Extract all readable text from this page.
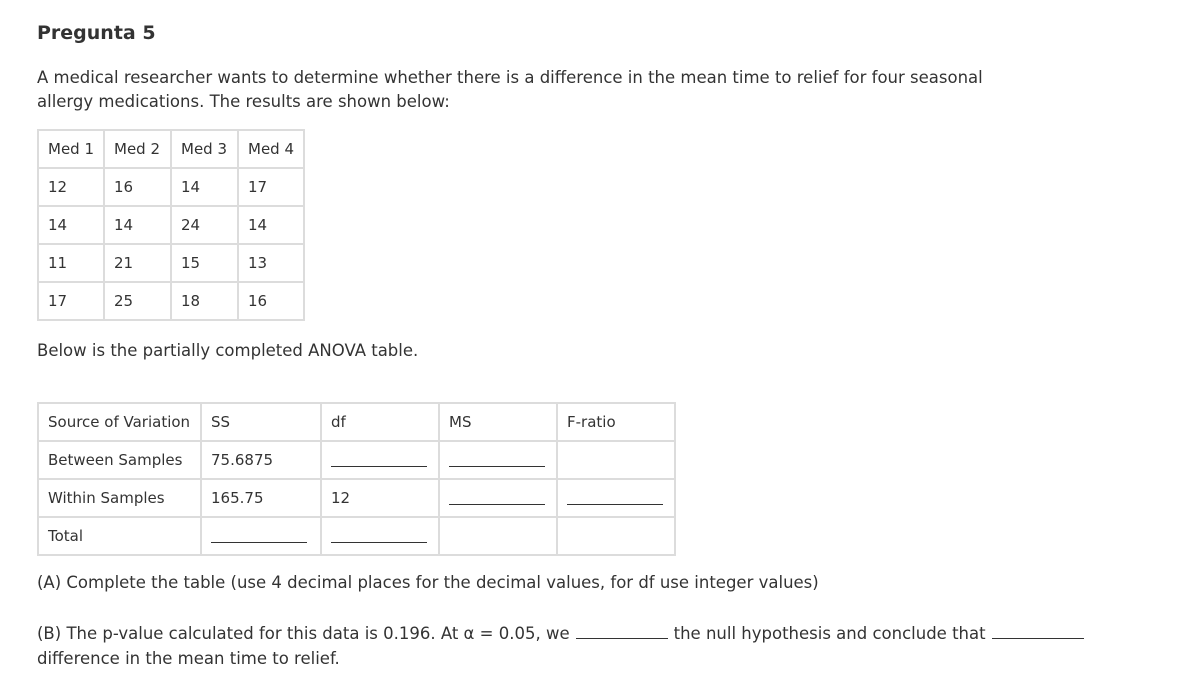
Pregunta 5
A medical researcher wants to determine whether there is a difference in the mean time to relief for four seasonal allergy medications. The results are shown below:
Med 1	Med 2	Med 3	Med 4
12	16	14	17
14	14	24	14
11	21	15	13
17	25	18	16
Below is the partially completed ANOVA table.
Source of Variation	SS	df	MS	F-ratio
Between Samples	75.6875			
Within Samples	165.75	12		
Total				
(A) Complete the table (use 4 decimal places for the decimal values, for df use integer values)
(B) The p-value calculated for this data is 0.196. At α = 0.05, we	the null hypothesis and conclude that difference in the mean time to relief.
